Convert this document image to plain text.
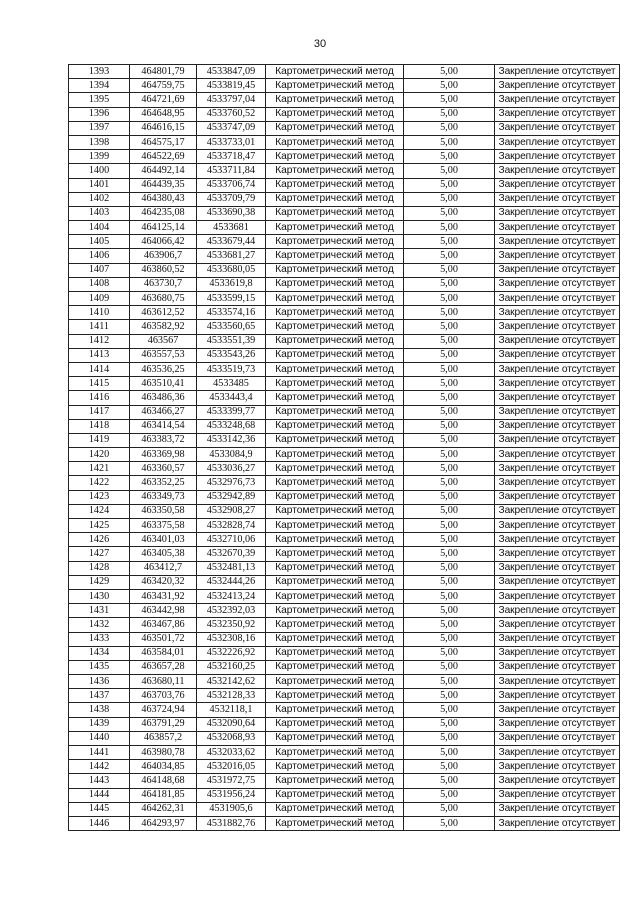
30
1393	464801,79	4533847,09	Картометрический метод	5,00	Закрепление отсутствует
1394	464759,75	4533819,45	Картометрический метод	5,00	Закрепление отсутствует
1395	464721,69	4533797,04	Картометрический метод	5,00	Закрепление отсутствует
1396	464648,95	4533760,52	Картометрический метод	5,00	Закрепление отсутствует
1397	464616,15	4533747,09	Картометрический метод	5,00	Закрепление отсутствует
1398	464575,17	4533733,01	Картометрический метод	5,00	Закрепление отсутствует
1399	464522,69	4533718,47	Картометрический метод	5,00	Закрепление отсутствует
1400	464492,14	4533711,84	Картометрический метод	5,00	Закрепление отсутствует
1401	464439,35	4533706,74	Картометрический метод	5,00	Закрепление отсутствует
1402	464380,43	4533709,79	Картометрический метод	5,00	Закрепление отсутствует
1403	464235,08	4533690,38	Картометрический метод	5,00	Закрепление отсутствует
1404	464125,14	4533681	Картометрический метод	5,00	Закрепление отсутствует
1405	464066,42	4533679,44	Картометрический метод	5,00	Закрепление отсутствует
1406	463906,7	4533681,27	Картометрический метод	5,00	Закрепление отсутствует
1407	463860,52	4533680,05	Картометрический метод	5,00	Закрепление отсутствует
1408	463730,7	4533619,8	Картометрический метод	5,00	Закрепление отсутствует
1409	463680,75	4533599,15	Картометрический метод	5,00	Закрепление отсутствует
1410	463612,52	4533574,16	Картометрический метод	5,00	Закрепление отсутствует
1411	463582,92	4533560,65	Картометрический метод	5,00	Закрепление отсутствует
1412	463567	4533551,39	Картометрический метод	5,00	Закрепление отсутствует
1413	463557,53	4533543,26	Картометрический метод	5,00	Закрепление отсутствует
1414	463536,25	4533519,73	Картометрический метод	5,00	Закрепление отсутствует
1415	463510,41	4533485	Картометрический метод	5,00	Закрепление отсутствует
1416	463486,36	4533443,4	Картометрический метод	5,00	Закрепление отсутствует
1417	463466,27	4533399,77	Картометрический метод	5,00	Закрепление отсутствует
1418	463414,54	4533248,68	Картометрический метод	5,00	Закрепление отсутствует
1419	463383,72	4533142,36	Картометрический метод	5,00	Закрепление отсутствует
1420	463369,98	4533084,9	Картометрический метод	5,00	Закрепление отсутствует
1421	463360,57	4533036,27	Картометрический метод	5,00	Закрепление отсутствует
1422	463352,25	4532976,73	Картометрический метод	5,00	Закрепление отсутствует
1423	463349,73	4532942,89	Картометрический метод	5,00	Закрепление отсутствует
1424	463350,58	4532908,27	Картометрический метод	5,00	Закрепление отсутствует
1425	463375,58	4532828,74	Картометрический метод	5,00	Закрепление отсутствует
1426	463401,03	4532710,06	Картометрический метод	5,00	Закрепление отсутствует
1427	463405,38	4532670,39	Картометрический метод	5,00	Закрепление отсутствует
1428	463412,7	4532481,13	Картометрический метод	5,00	Закрепление отсутствует
1429	463420,32	4532444,26	Картометрический метод	5,00	Закрепление отсутствует
1430	463431,92	4532413,24	Картометрический метод	5,00	Закрепление отсутствует
1431	463442,98	4532392,03	Картометрический метод	5,00	Закрепление отсутствует
1432	463467,86	4532350,92	Картометрический метод	5,00	Закрепление отсутствует
1433	463501,72	4532308,16	Картометрический метод	5,00	Закрепление отсутствует
1434	463584,01	4532226,92	Картометрический метод	5,00	Закрепление отсутствует
1435	463657,28	4532160,25	Картометрический метод	5,00	Закрепление отсутствует
1436	463680,11	4532142,62	Картометрический метод	5,00	Закрепление отсутствует
1437	463703,76	4532128,33	Картометрический метод	5,00	Закрепление отсутствует
1438	463724,94	4532118,1	Картометрический метод	5,00	Закрепление отсутствует
1439	463791,29	4532090,64	Картометрический метод	5,00	Закрепление отсутствует
1440	463857,2	4532068,93	Картометрический метод	5,00	Закрепление отсутствует
1441	463980,78	4532033,62	Картометрический метод	5,00	Закрепление отсутствует
1442	464034,85	4532016,05	Картометрический метод	5,00	Закрепление отсутствует
1443	464148,68	4531972,75	Картометрический метод	5,00	Закрепление отсутствует
1444	464181,85	4531956,24	Картометрический метод	5,00	Закрепление отсутствует
1445	464262,31	4531905,6	Картометрический метод	5,00	Закрепление отсутствует
1446	464293,97	4531882,76	Картометрический метод	5,00	Закрепление отсутствует
